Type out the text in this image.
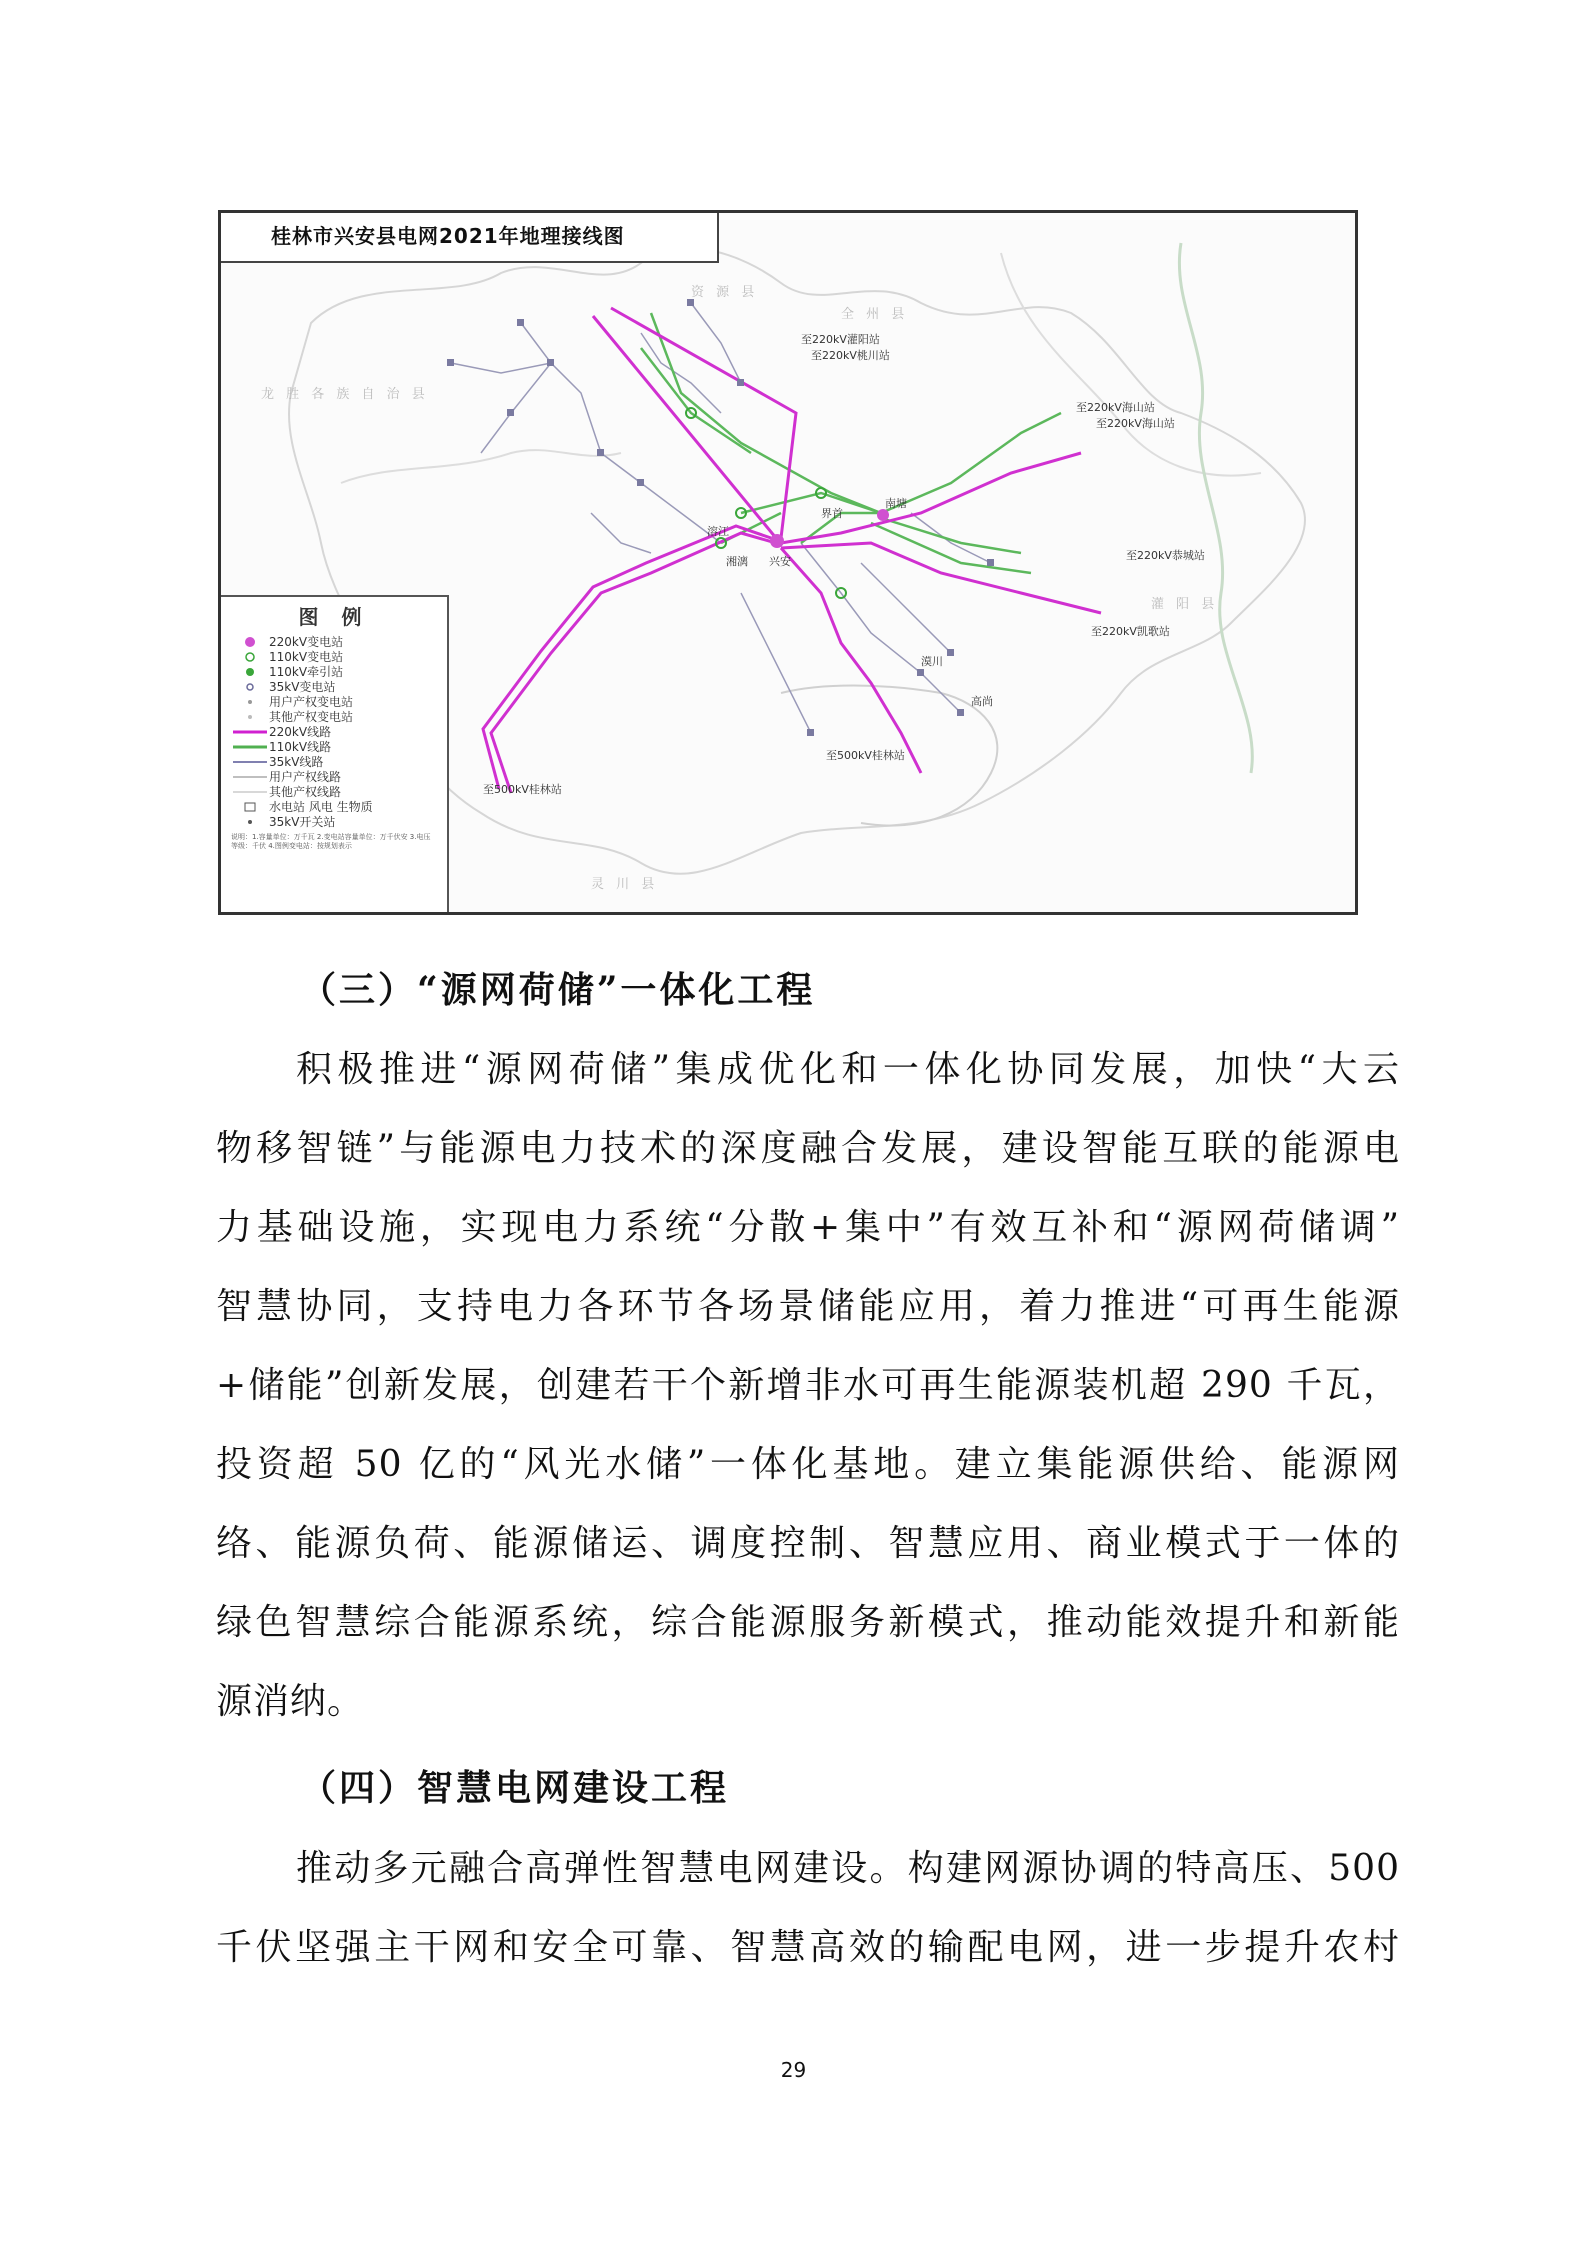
桂林市兴安县电网2021年地理接线图
资 源 县
龙 胜 各 族 自 治 县
全 州 县
灌 阳 县
灵 川 县
至220kV灌阳站
至220kV桃川站
至220kV海山站
至220kV海山站
至220kV恭城站
至220kV凯歌站
至500kV桂林站
至500kV桂林站
兴安
湘漓
界首
南塘
溶江
漠川
高尚
图 例
220kV变电站
110kV变电站
110kV牵引站
35kV变电站
用户产权变电站
其他产权变电站
220kV线路
110kV线路
35kV线路
用户产权线路
其他产权线路
水电站 风电 生物质
35kV开关站
说明：1.容量单位：万千瓦 2.变电站容量单位：万千伏安 3.电压等级：千伏 4.图例变电站：按规划表示
（三）“源网荷储”一体化工程
积极推进“源网荷储”集成优化和一体化协同发展，加快“大云
物移智链”与能源电力技术的深度融合发展，建设智能互联的能源电
力基础设施，实现电力系统“分散+集中”有效互补和“源网荷储调”
智慧协同，支持电力各环节各场景储能应用，着力推进“可再生能源
+储能”创新发展，创建若干个新增非水可再生能源装机超 290 千瓦，
投资超 50 亿的“风光水储”一体化基地。建立集能源供给、能源网
络、能源负荷、能源储运、调度控制、智慧应用、商业模式于一体的
绿色智慧综合能源系统，综合能源服务新模式，推动能效提升和新能
源消纳。
（四）智慧电网建设工程
推动多元融合高弹性智慧电网建设。构建网源协调的特高压、500
千伏坚强主干网和安全可靠、智慧高效的输配电网，进一步提升农村
29
